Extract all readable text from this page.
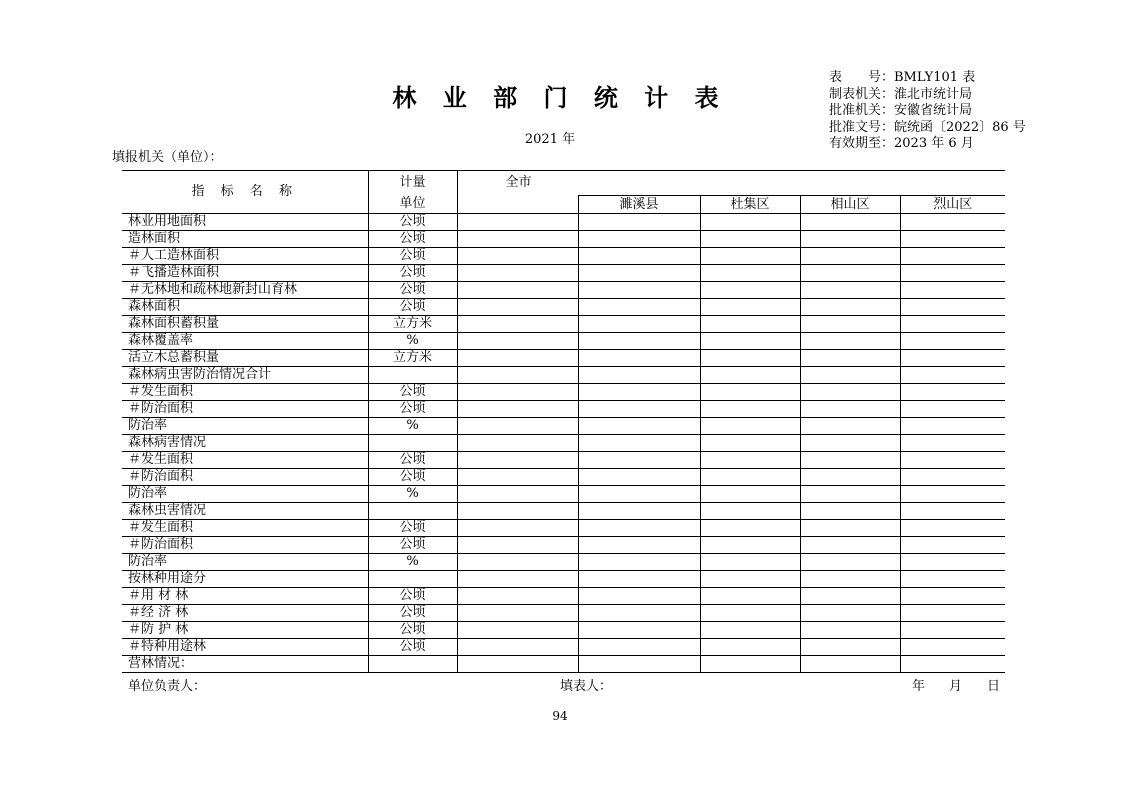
林 业 部 门 统 计 表
2021 年
表　　号：BMLY101 表
制表机关：淮北市统计局
批准机关：安徽省统计局
批准文号：皖统函〔2022〕86 号
有效期至：2023 年 6 月
填报机关（单位）：
指 标 名 称	计量	全市				
	单位		濉溪县	杜集区	相山区	烈山区
林业用地面积	公顷					
造林面积	公顷					
＃人工造林面积	公顷					
＃飞播造林面积	公顷					
＃无林地和疏林地新封山育林	公顷					
森林面积	公顷					
森林面积蓄积量	立方米					
森林覆盖率	%					
活立木总蓄积量	立方米					
森林病虫害防治情况合计						
＃发生面积	公顷					
＃防治面积	公顷					
防治率	%					
森林病害情况						
＃发生面积	公顷					
＃防治面积	公顷					
防治率	%					
森林虫害情况						
＃发生面积	公顷					
＃防治面积	公顷					
防治率	%					
按林种用途分						
＃用 材 林	公顷					
＃经 济 林	公顷					
＃防 护 林	公顷					
＃特种用途林	公顷					
营林情况：						
单位负责人：	填表人：	年 月 日
94
